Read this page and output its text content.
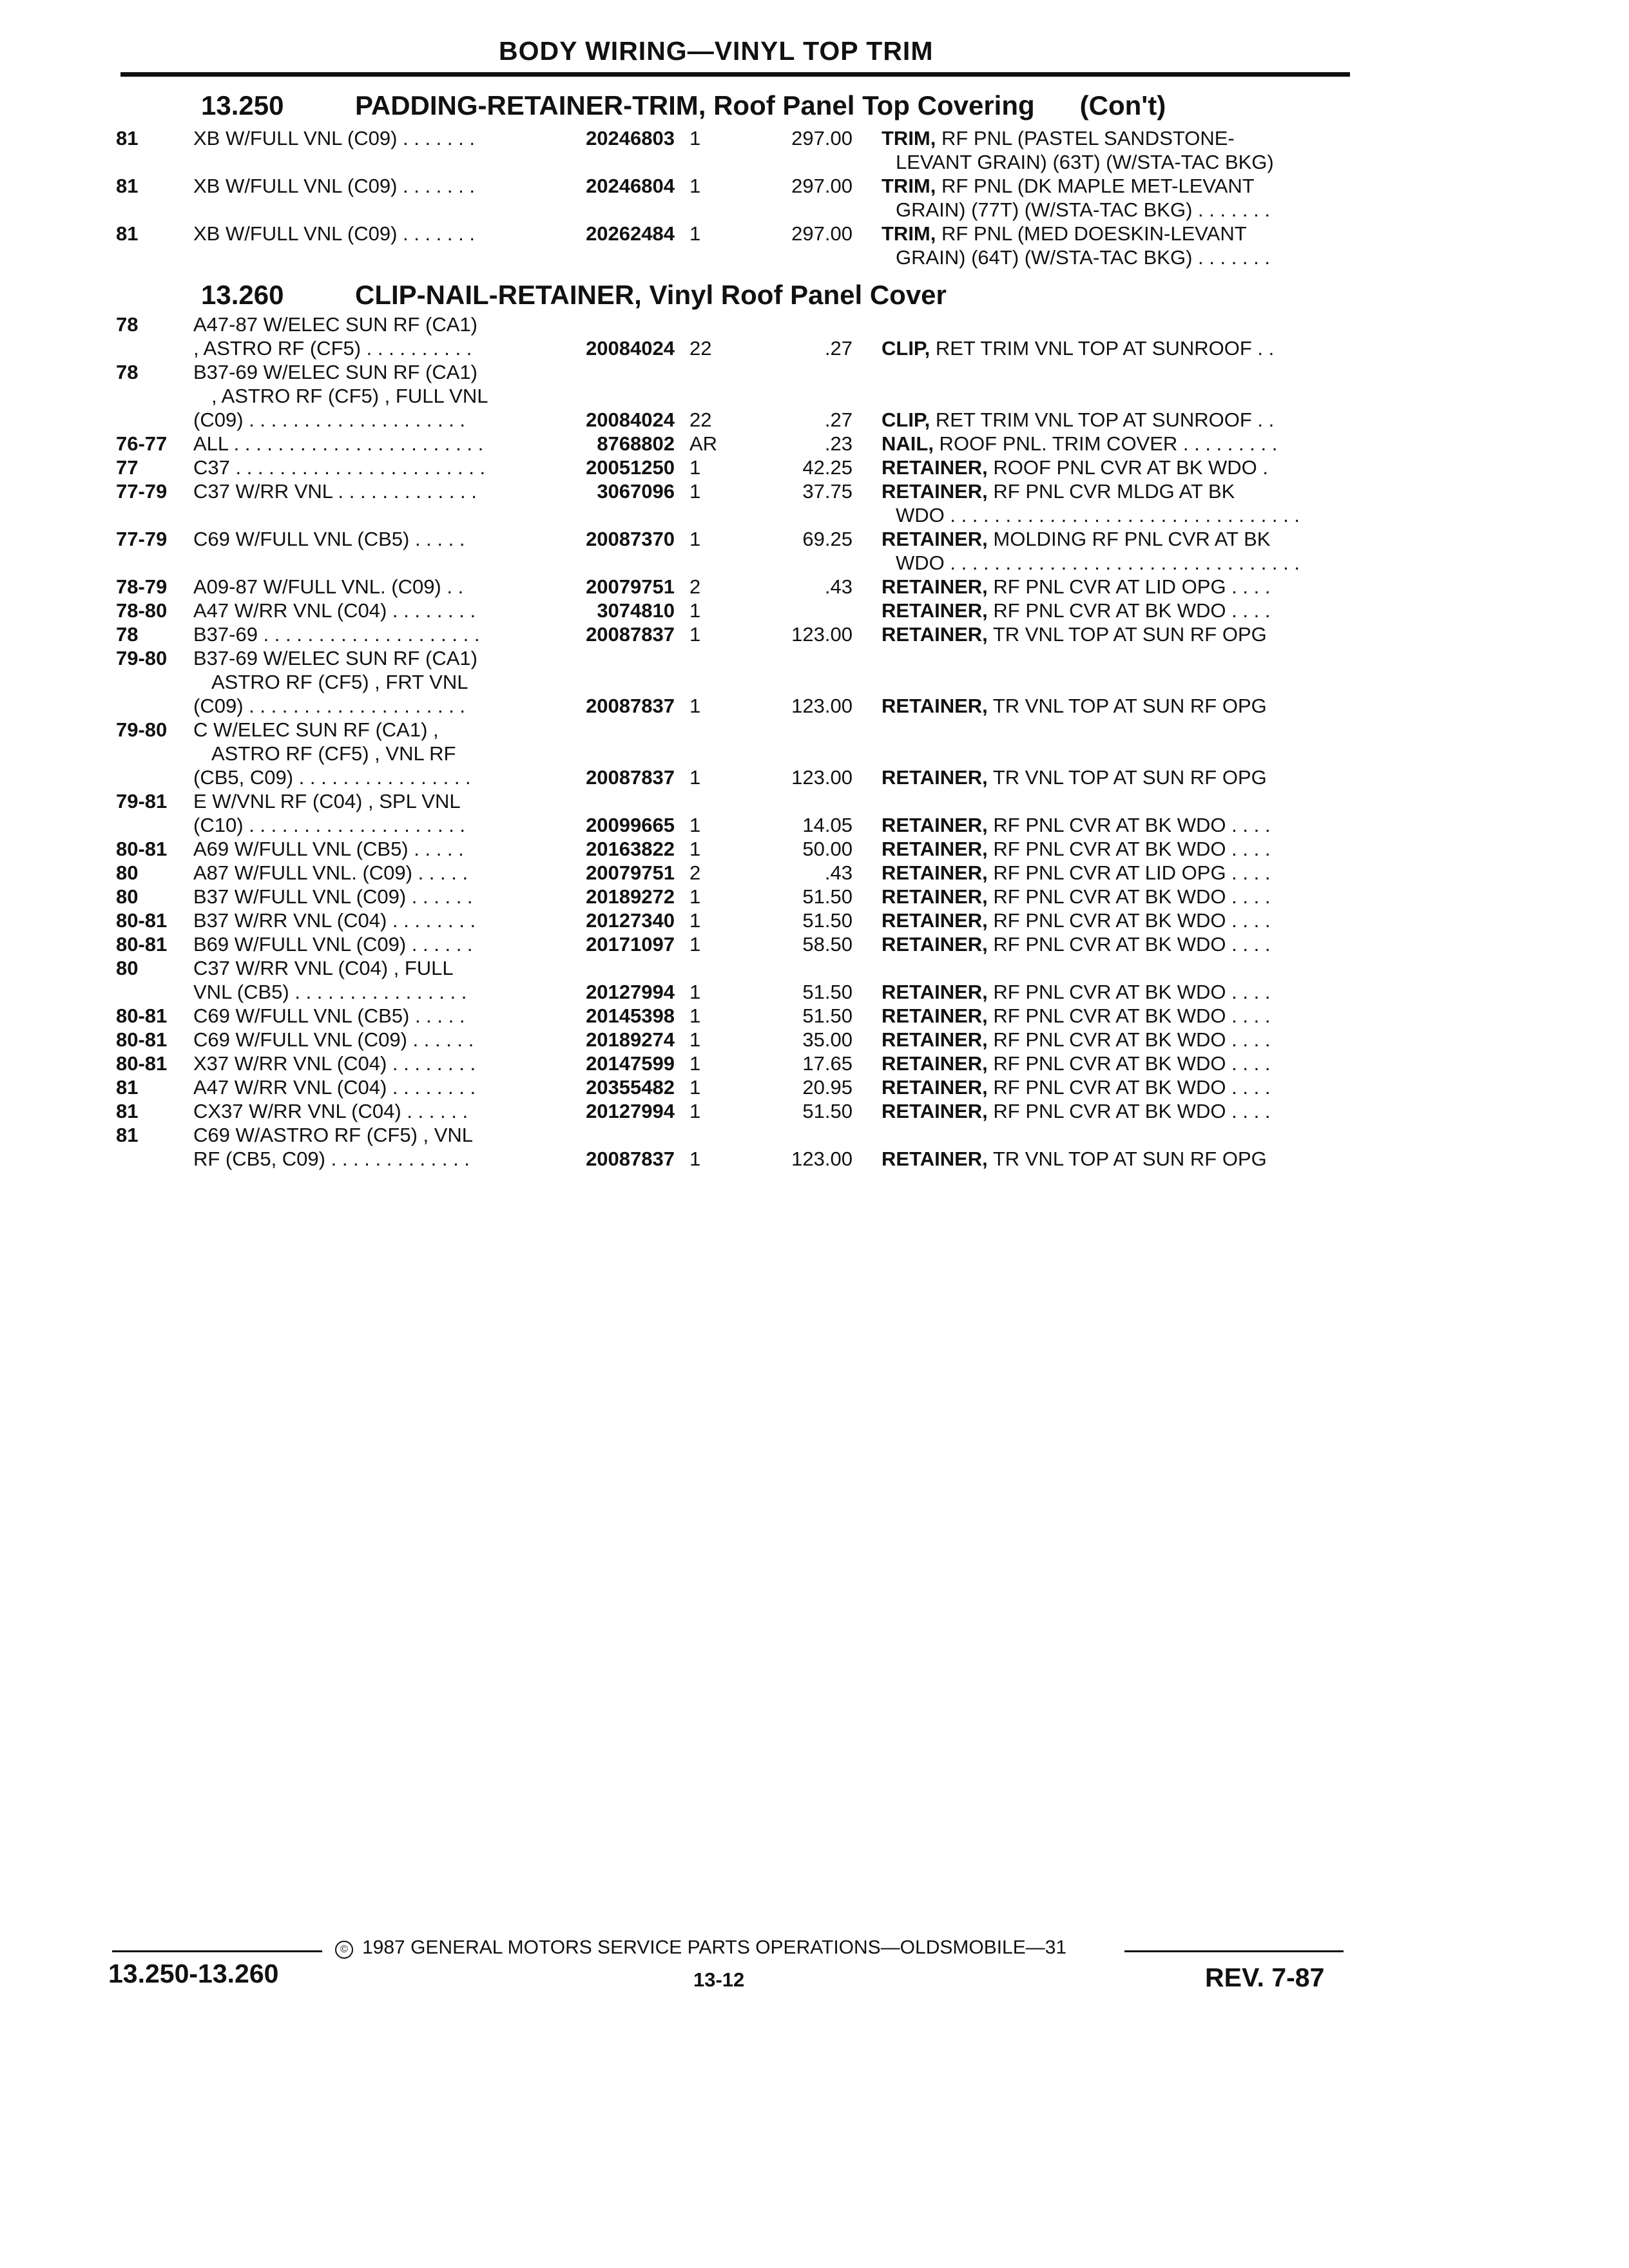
BODY WIRING—VINYL TOP TRIM
13.250	PADDING-RETAINER-TRIM, Roof Panel Top Covering (Con't)
13.260	CLIP-NAIL-RETAINER, Vinyl Roof Panel Cover
81	XB W/FULL VNL (C09) . . . . . . .	20246803 1	297.00 TRIM, RF PNL (PASTEL SANDSTONE-
LEVANT GRAIN) (63T) (W/STA-TAC BKG)
81	XB W/FULL VNL (C09) . . . . . . .	20246804 1	297.00 TRIM, RF PNL (DK MAPLE MET-LEVANT
GRAIN) (77T) (W/STA-TAC BKG) . . . . . . .
81	XB W/FULL VNL (C09) . . . . . . .	20262484 1	297.00 TRIM, RF PNL (MED DOESKIN-LEVANT
GRAIN) (64T) (W/STA-TAC BKG) . . . . . . .
78	A47-87 W/ELEC SUN RF (CA1)
, ASTRO RF (CF5) . . . . . . . . . .	20084024 22	.27 CLIP, RET TRIM VNL TOP AT SUNROOF . .
78	B37-69 W/ELEC SUN RF (CA1)
, ASTRO RF (CF5) , FULL VNL
(C09) . . . . . . . . . . . . . . . . . . . .	20084024 22	.27 CLIP, RET TRIM VNL TOP AT SUNROOF . .
76-77 ALL . . . . . . . . . . . . . . . . . . . . . . .	8768802 AR	.23 NAIL, ROOF PNL. TRIM COVER . . . . . . . . .
77	C37 . . . . . . . . . . . . . . . . . . . . . . .	20051250 1	42.25 RETAINER, ROOF PNL CVR AT BK WDO .
77-79 C37 W/RR VNL . . . . . . . . . . . . .	3067096 1	37.75 RETAINER, RF PNL CVR MLDG AT BK
WDO . . . . . . . . . . . . . . . . . . . . . . . . . . . . . . . .
77-79 C69 W/FULL VNL (CB5) . . . . .	20087370 1	69.25 RETAINER, MOLDING RF PNL CVR AT BK
WDO . . . . . . . . . . . . . . . . . . . . . . . . . . . . . . . .
78-79 A09-87 W/FULL VNL. (C09) . .	20079751 2	.43 RETAINER, RF PNL CVR AT LID OPG . . . .
78-80 A47 W/RR VNL (C04) . . . . . . . .	3074810 1	RETAINER, RF PNL CVR AT BK WDO . . . .
78	B37-69 . . . . . . . . . . . . . . . . . . . .	20087837 1	123.00 RETAINER, TR VNL TOP AT SUN RF OPG
79-80 B37-69 W/ELEC SUN RF (CA1)
ASTRO RF (CF5) , FRT VNL
(C09) . . . . . . . . . . . . . . . . . . . .	20087837 1	123.00 RETAINER, TR VNL TOP AT SUN RF OPG
79-80 C W/ELEC SUN RF (CA1) ,
ASTRO RF (CF5) , VNL RF
(CB5, C09) . . . . . . . . . . . . . . . .	20087837 1	123.00 RETAINER, TR VNL TOP AT SUN RF OPG
79-81 E W/VNL RF (C04) , SPL VNL
(C10) . . . . . . . . . . . . . . . . . . . .	20099665 1	14.05 RETAINER, RF PNL CVR AT BK WDO . . . .
80-81 A69 W/FULL VNL (CB5) . . . . .	20163822 1	50.00 RETAINER, RF PNL CVR AT BK WDO . . . .
80	A87 W/FULL VNL. (C09) . . . . .	20079751 2	.43 RETAINER, RF PNL CVR AT LID OPG . . . .
80	B37 W/FULL VNL (C09) . . . . . .	20189272 1	51.50 RETAINER, RF PNL CVR AT BK WDO . . . .
80-81 B37 W/RR VNL (C04) . . . . . . . .	20127340 1	51.50 RETAINER, RF PNL CVR AT BK WDO . . . .
80-81 B69 W/FULL VNL (C09) . . . . . .	20171097 1	58.50 RETAINER, RF PNL CVR AT BK WDO . . . .
80	C37 W/RR VNL (C04) , FULL
VNL (CB5) . . . . . . . . . . . . . . . .	20127994 1	51.50 RETAINER, RF PNL CVR AT BK WDO . . . .
80-81 C69 W/FULL VNL (CB5) . . . . .	20145398 1	51.50 RETAINER, RF PNL CVR AT BK WDO . . . .
80-81 C69 W/FULL VNL (C09) . . . . . .	20189274 1	35.00 RETAINER, RF PNL CVR AT BK WDO . . . .
80-81 X37 W/RR VNL (C04) . . . . . . . .	20147599 1	17.65 RETAINER, RF PNL CVR AT BK WDO . . . .
81	A47 W/RR VNL (C04) . . . . . . . .	20355482 1	20.95 RETAINER, RF PNL CVR AT BK WDO . . . .
81	CX37 W/RR VNL (C04) . . . . . .	20127994 1	51.50 RETAINER, RF PNL CVR AT BK WDO . . . .
81	C69 W/ASTRO RF (CF5) , VNL
RF (CB5, C09) . . . . . . . . . . . . .	20087837 1	123.00 RETAINER, TR VNL TOP AT SUN RF OPG
© 1987 GENERAL MOTORS SERVICE PARTS OPERATIONS—OLDSMOBILE—31
13.250-13.260	13-12	REV. 7-87
